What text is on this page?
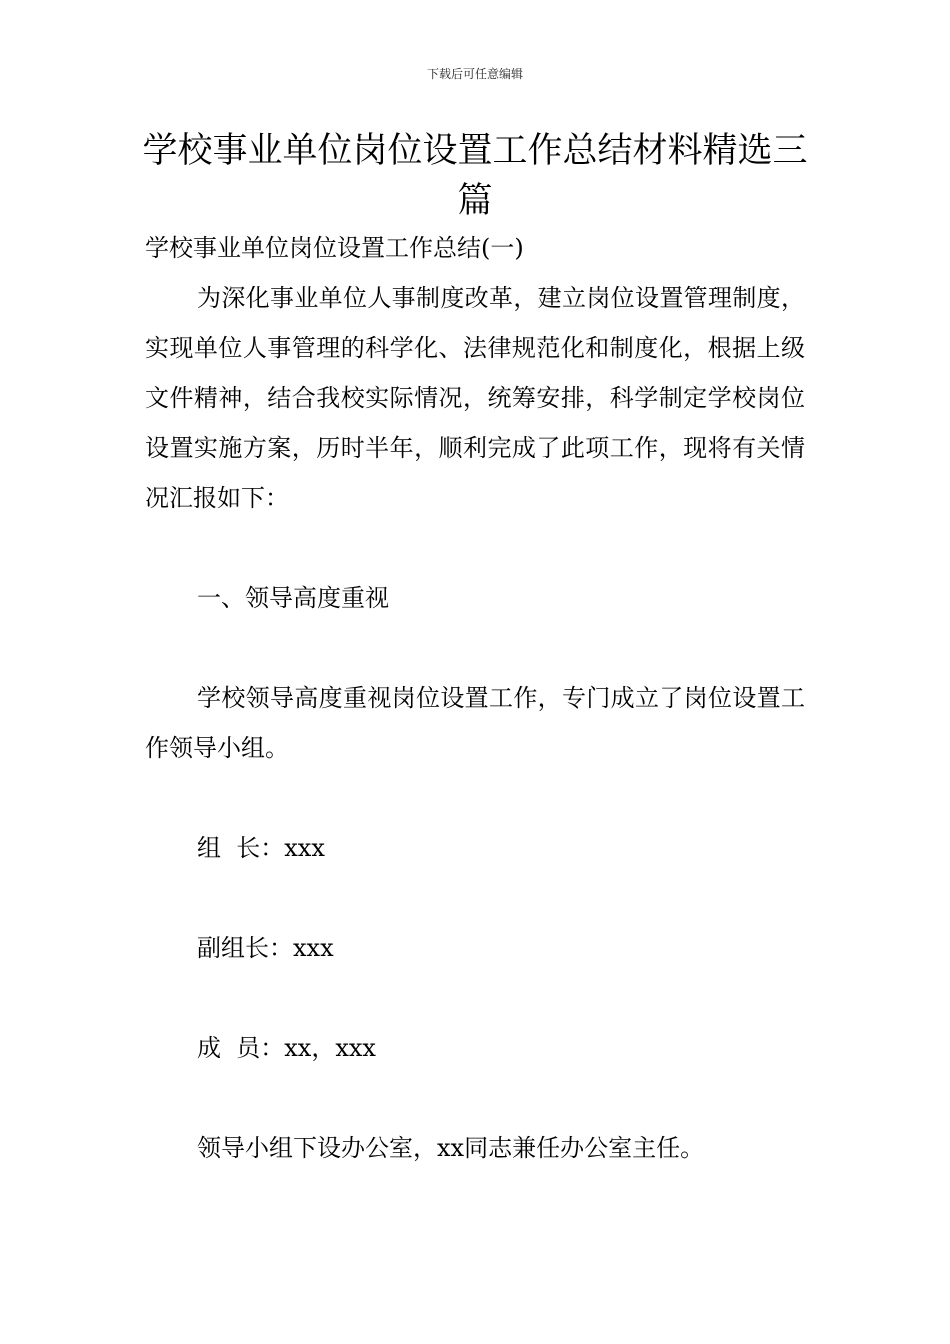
下载后可任意编辑
学校事业单位岗位设置工作总结材料精选三篇

学校事业单位岗位设置工作总结(一)

为深化事业单位人事制度改革，建立岗位设置管理制度，实现单位人事管理的科学化、法律规范化和制度化，根据上级文件精神，结合我校实际情况，统筹安排，科学制定学校岗位设置实施方案，历时半年，顺利完成了此项工作，现将有关情况汇报如下：

一、领导高度重视

学校领导高度重视岗位设置工作，专门成立了岗位设置工作领导小组。

组  长：xxx

副组长：xxx

成  员：xx，xxx

领导小组下设办公室，xx同志兼任办公室主任。
